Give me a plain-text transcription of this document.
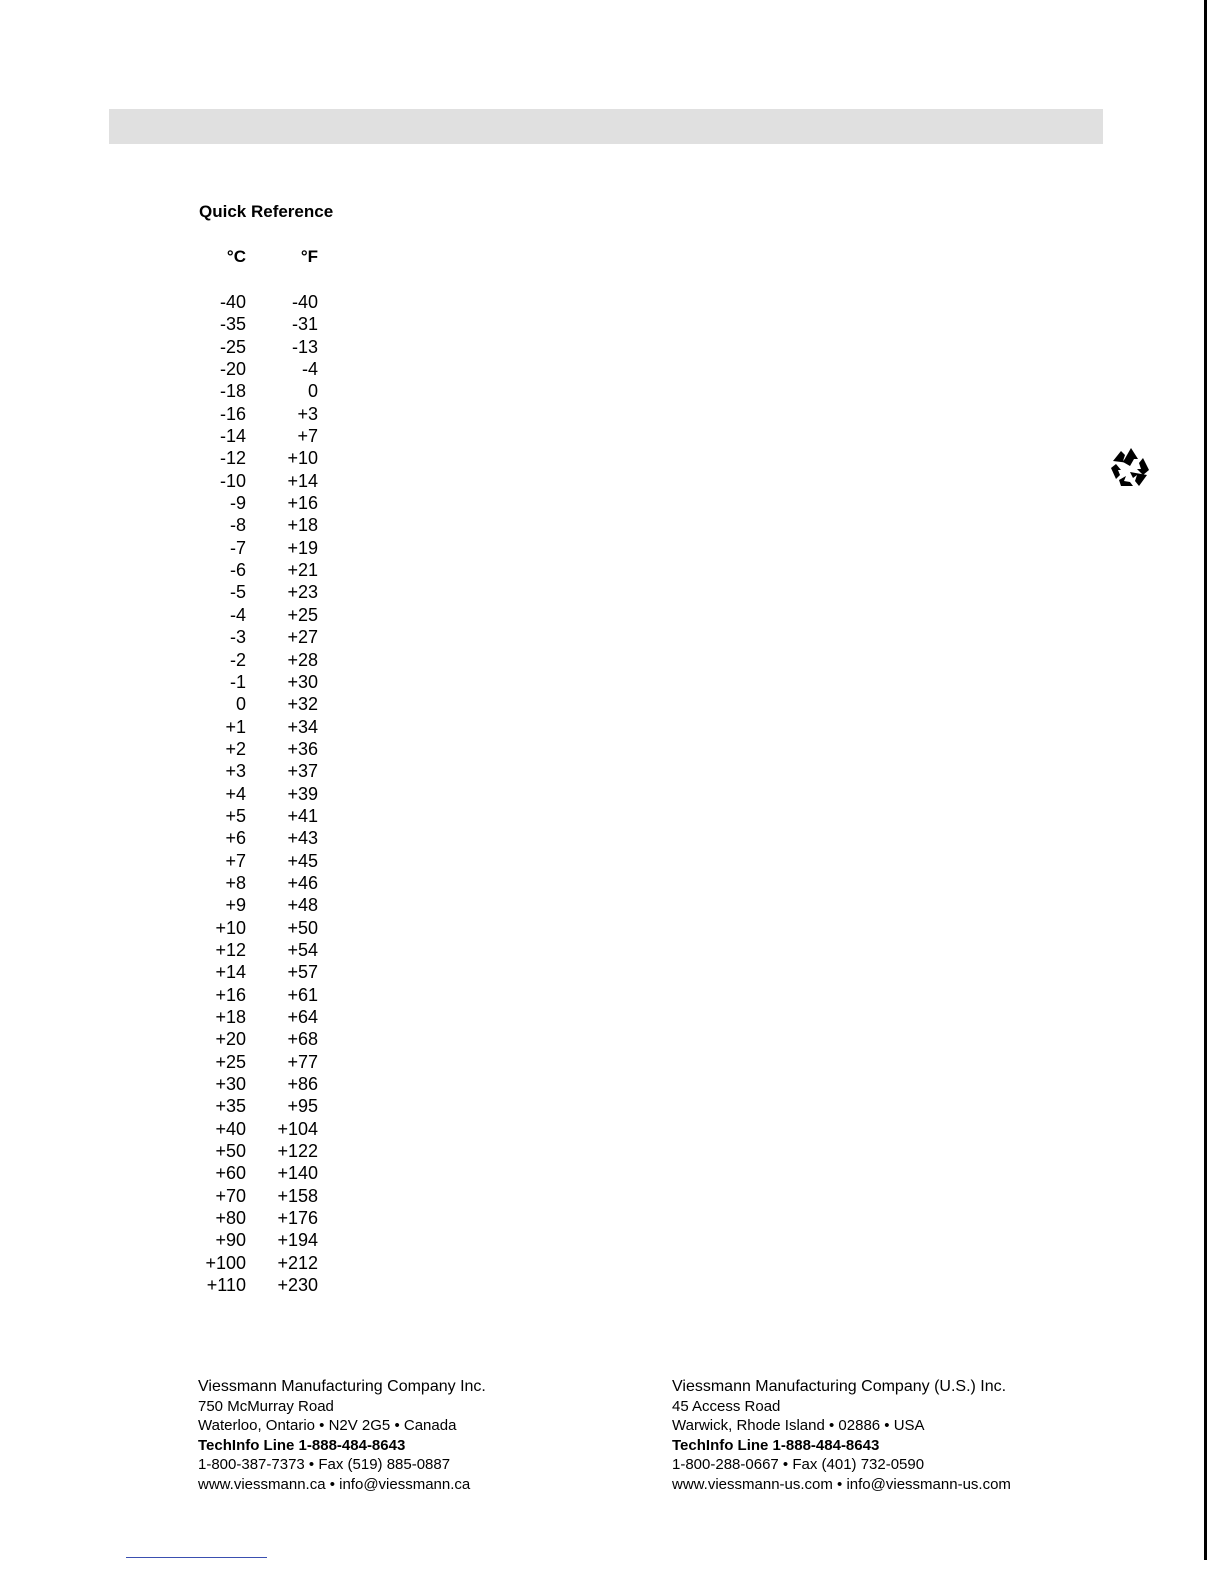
Quick Reference
°C	°F
-40	-40
-35	-31
-25	-13
-20	-4
-18	0
-16	+3
-14	+7
-12	+10
-10	+14
-9	+16
-8	+18
-7	+19
-6	+21
-5	+23
-4	+25
-3	+27
-2	+28
-1	+30
0	+32
+1	+34
+2	+36
+3	+37
+4	+39
+5	+41
+6	+43
+7	+45
+8	+46
+9	+48
+10	+50
+12	+54
+14	+57
+16	+61
+18	+64
+20	+68
+25	+77
+30	+86
+35	+95
+40	+104
+50	+122
+60	+140
+70	+158
+80	+176
+90	+194
+100	+212
+110	+230
Viessmann Manufacturing Company Inc.
750 McMurray Road
Waterloo, Ontario • N2V 2G5 • Canada
TechInfo Line 1-888-484-8643
1-800-387-7373 • Fax (519) 885-0887
www.viessmann.ca • info@viessmann.ca
Viessmann Manufacturing Company (U.S.) Inc.
45 Access Road
Warwick, Rhode Island • 02886 • USA
TechInfo Line 1-888-484-8643
1-800-288-0667 • Fax (401) 732-0590
www.viessmann-us.com • info@viessmann-us.com
